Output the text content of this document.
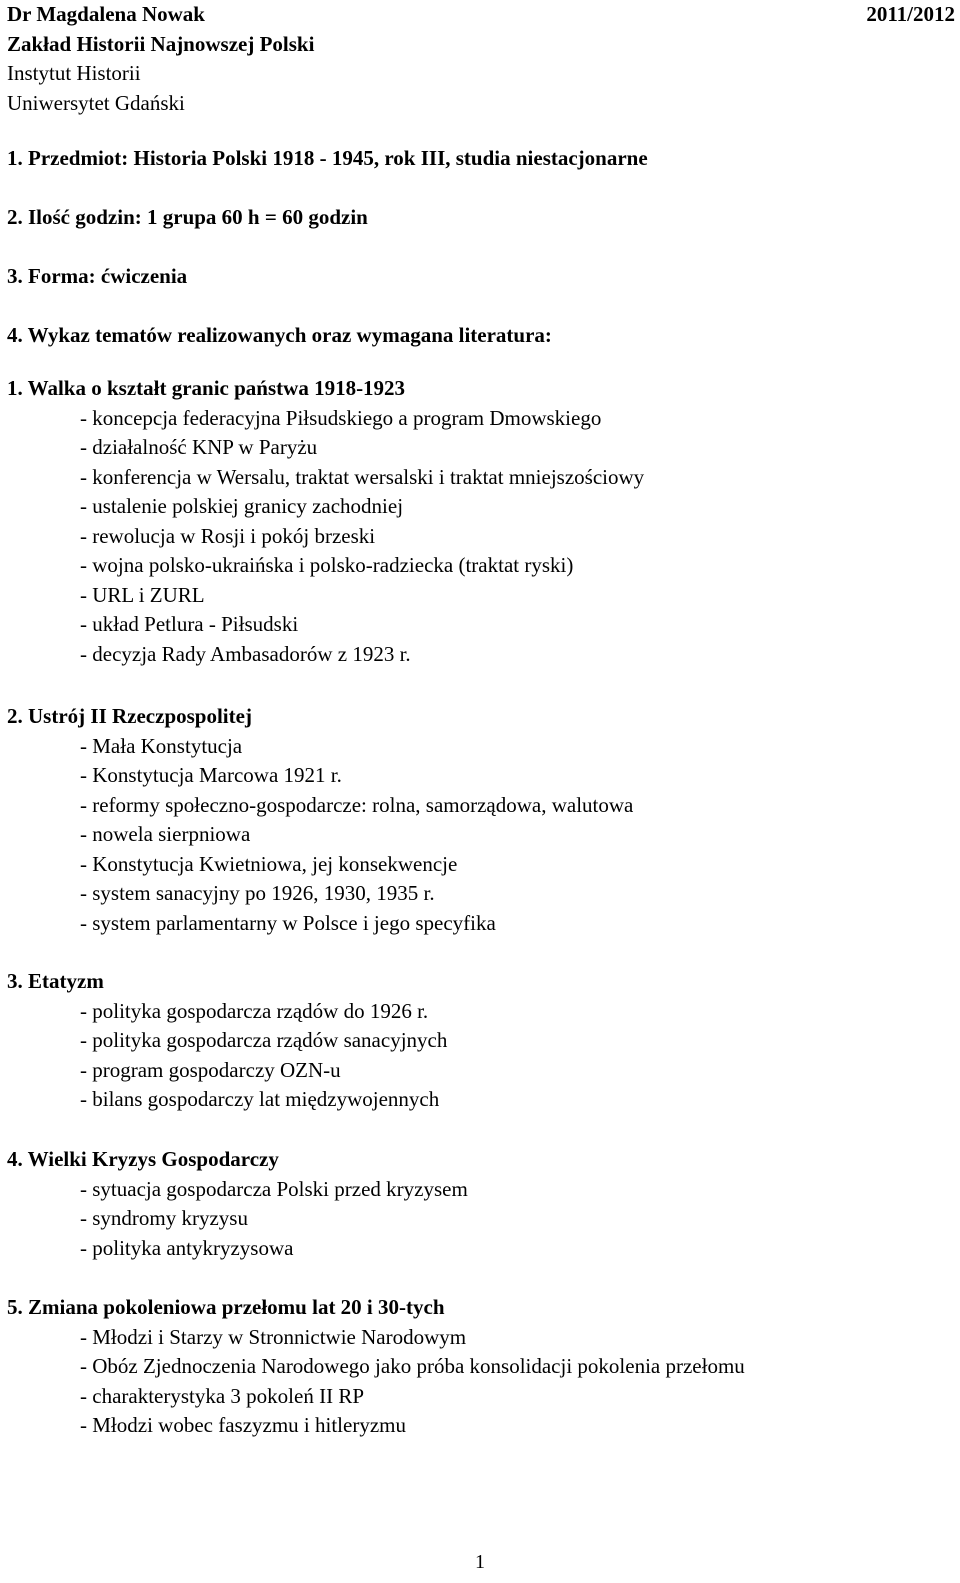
Dr Magdalena Nowak	2011/2012
Zakład Historii Najnowszej Polski
Instytut Historii
Uniwersytet Gdański
1. Przedmiot: Historia Polski 1918 - 1945, rok III, studia niestacjonarne
2. Ilość godzin: 1 grupa 60 h = 60 godzin
3. Forma: ćwiczenia
4. Wykaz tematów realizowanych oraz wymagana literatura:
1. Walka o kształt granic państwa 1918-1923
- koncepcja federacyjna Piłsudskiego a program Dmowskiego
- działalność KNP w Paryżu
- konferencja w Wersalu, traktat wersalski i traktat mniejszościowy
- ustalenie polskiej granicy zachodniej
- rewolucja w Rosji i pokój brzeski
- wojna polsko-ukraińska i polsko-radziecka (traktat ryski)
- URL i ZURL
- układ Petlura - Piłsudski
- decyzja Rady Ambasadorów z 1923 r.
2. Ustrój II Rzeczpospolitej
- Mała Konstytucja
- Konstytucja Marcowa 1921 r.
- reformy społeczno-gospodarcze: rolna, samorządowa, walutowa
- nowela sierpniowa
- Konstytucja Kwietniowa, jej konsekwencje
- system sanacyjny po 1926, 1930, 1935 r.
- system parlamentarny w Polsce i jego specyfika
3. Etatyzm
- polityka gospodarcza rządów do 1926 r.
- polityka gospodarcza rządów sanacyjnych
- program gospodarczy OZN-u
- bilans gospodarczy lat międzywojennych
4. Wielki Kryzys Gospodarczy
- sytuacja gospodarcza Polski przed kryzysem
- syndromy kryzysu
- polityka antykryzysowa
5. Zmiana pokoleniowa przełomu lat 20 i 30-tych
- Młodzi i Starzy w Stronnictwie Narodowym
- Obóz Zjednoczenia Narodowego jako próba konsolidacji pokolenia przełomu
- charakterystyka 3 pokoleń II RP
- Młodzi wobec faszyzmu i hitleryzmu
1
